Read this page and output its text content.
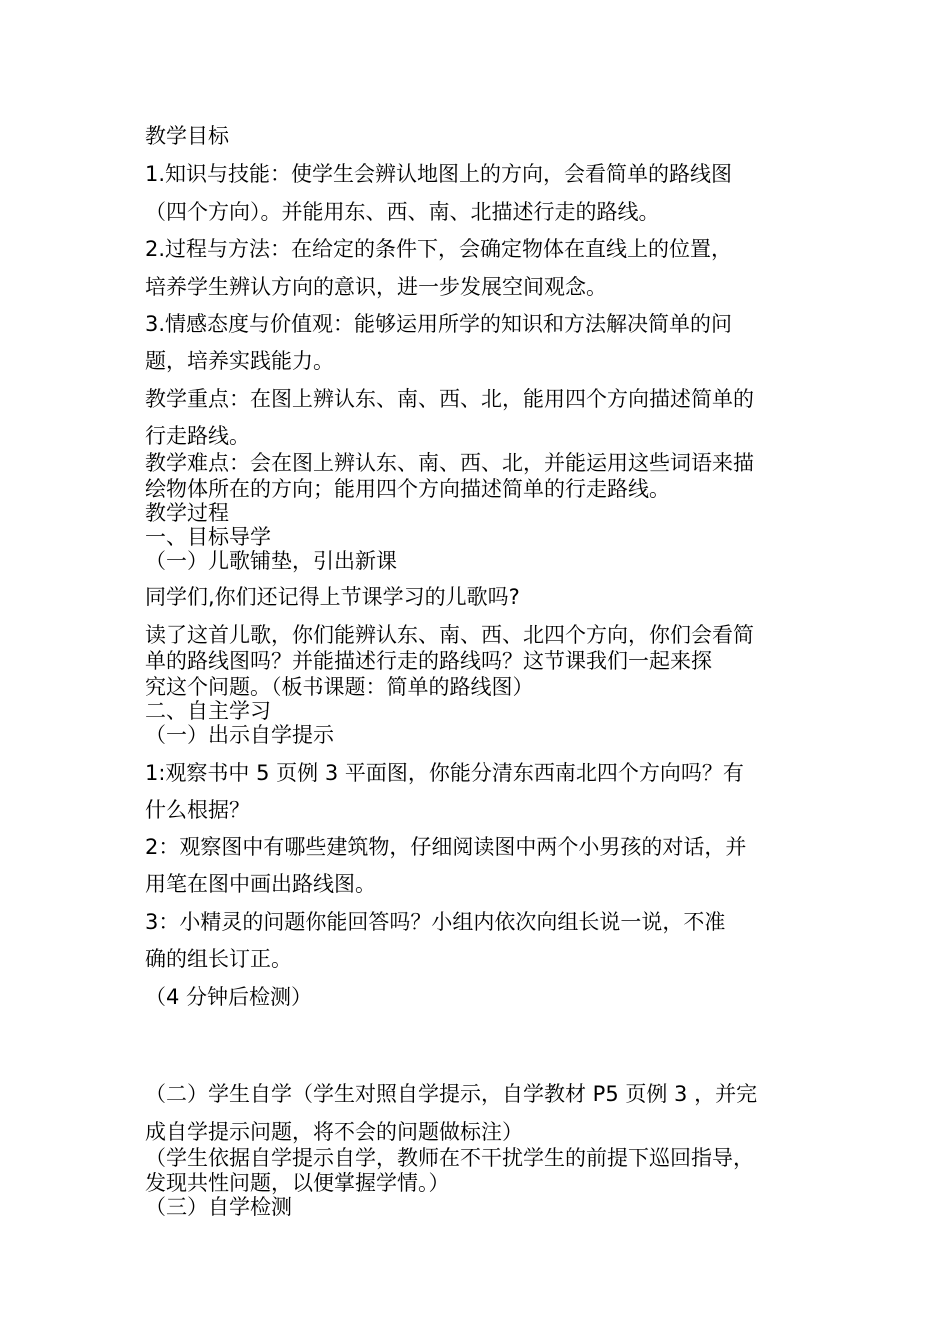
教学目标

1.知识与技能：使学生会辨认地图上的方向，会看简单的路线图

（四个方向）。并能用东、西、南、北描述行走的路线。

2.过程与方法：在给定的条件下，会确定物体在直线上的位置，

培养学生辨认方向的意识，进一步发展空间观念。

3.情感态度与价值观：能够运用所学的知识和方法解决简单的问

题，培养实践能力。

教学重点：在图上辨认东、南、西、北，能用四个方向描述简单的

行走路线。

教学难点：会在图上辨认东、南、西、北，并能运用这些词语来描

绘物体所在的方向；能用四个方向描述简单的行走路线。

教学过程

一、目标导学

（一）儿歌铺垫，引出新课

同学们,你们还记得上节课学习的儿歌吗?

读了这首儿歌，你们能辨认东、南、西、北四个方向，你们会看简

单的路线图吗？并能描述行走的路线吗？这节课我们一起来探

究这个问题。（板书课题：简单的路线图）

二、自主学习

（一）出示自学提示

1:观察书中 5 页例 3 平面图，你能分清东西南北四个方向吗？有

什么根据？

2：观察图中有哪些建筑物，仔细阅读图中两个小男孩的对话，并

用笔在图中画出路线图。

3：小精灵的问题你能回答吗？小组内依次向组长说一说，不准

确的组长订正。

（4 分钟后检测）

（二）学生自学（学生对照自学提示，自学教材 P5 页例 3 ，并完

成自学提示问题，将不会的问题做标注）

（学生依据自学提示自学，教师在不干扰学生的前提下巡回指导，

发现共性问题，以便掌握学情。）

（三）自学检测
